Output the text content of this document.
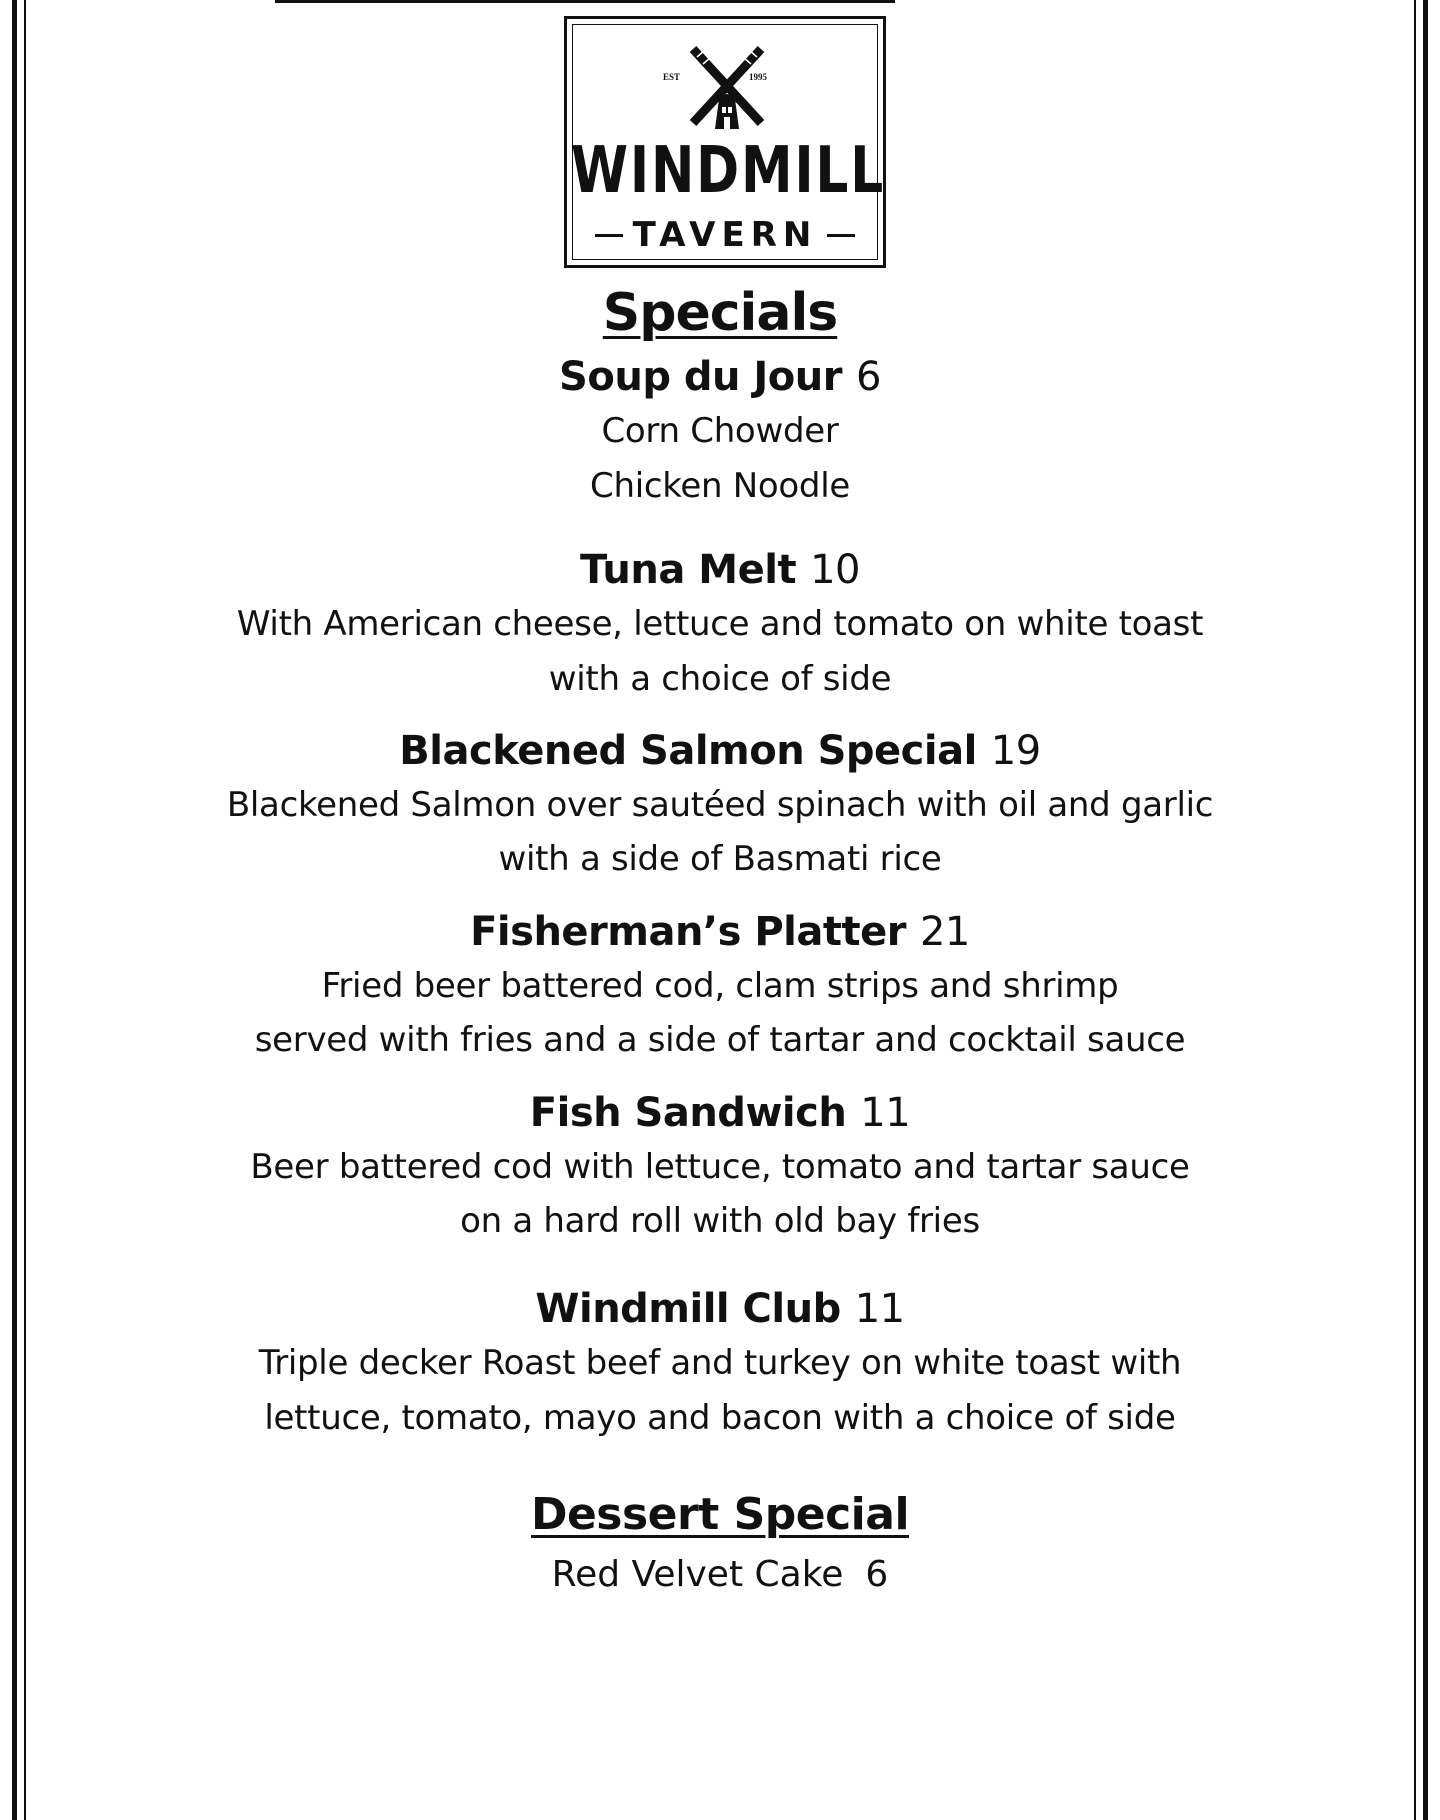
EST	1995
WINDMILL
TAVERN
Specials
Soup du Jour 6
Corn Chowder
Chicken Noodle
Tuna Melt 10
With American cheese, lettuce and tomato on white toast
with a choice of side
Blackened Salmon Special 19
Blackened Salmon over sautéed spinach with oil and garlic
with a side of Basmati rice
Fisherman’s Platter 21
Fried beer battered cod, clam strips and shrimp
served with fries and a side of tartar and cocktail sauce
Fish Sandwich 11
Beer battered cod with lettuce, tomato and tartar sauce
on a hard roll with old bay fries
Windmill Club 11
Triple decker Roast beef and turkey on white toast with
lettuce, tomato, mayo and bacon with a choice of side
Dessert Special
Red Velvet Cake 6
